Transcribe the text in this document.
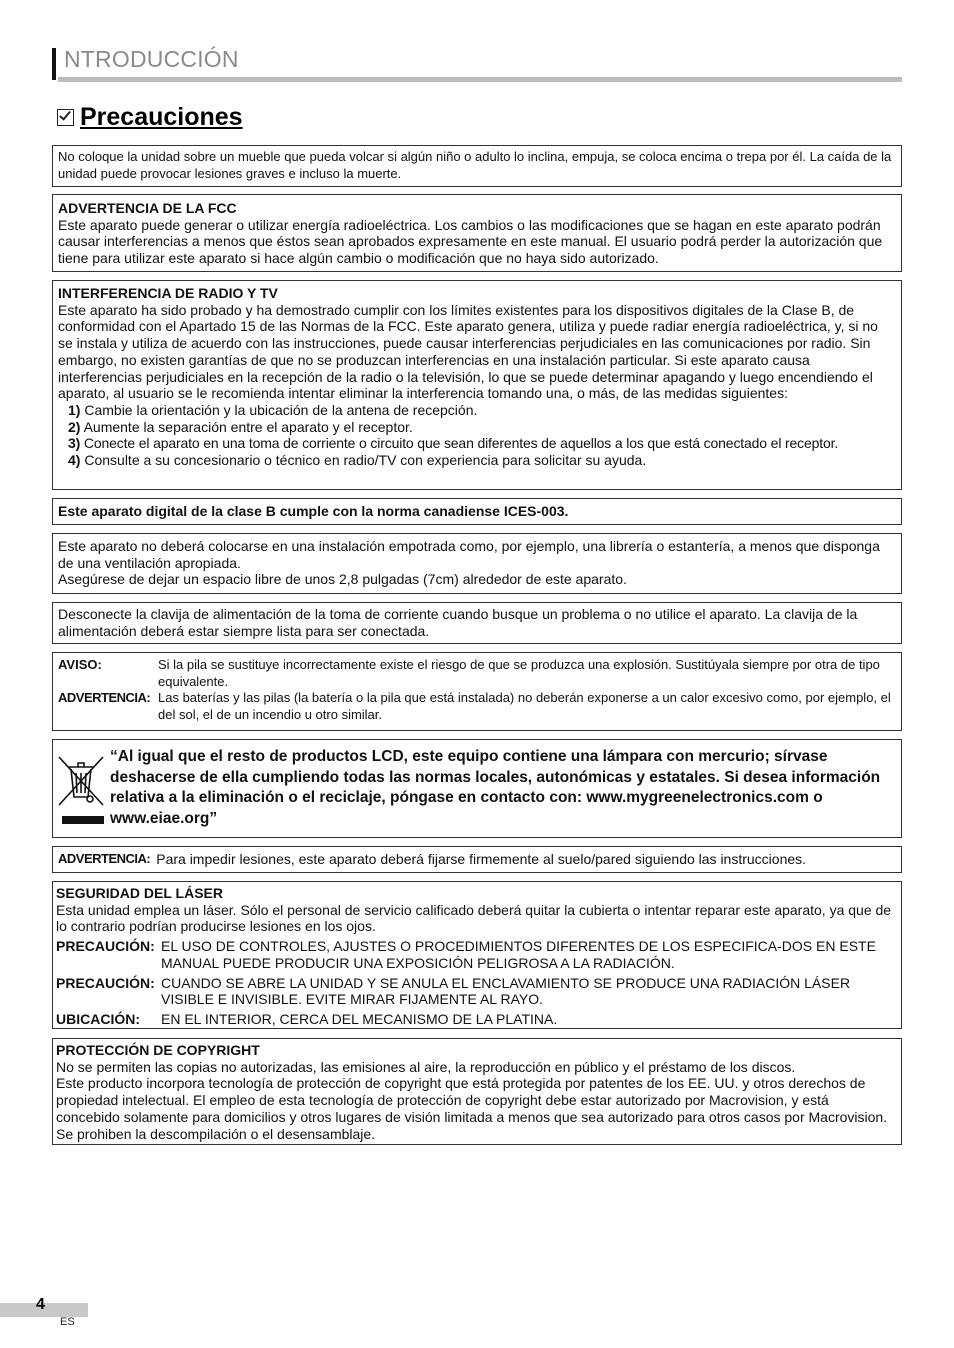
NTRODUCCIÓN
Precauciones

No coloque la unidad sobre un mueble que pueda volcar si algún niño o adulto lo inclina, empuja, se coloca encima o trepa por él. La caída de la unidad puede provocar lesiones graves e incluso la muerte.

ADVERTENCIA DE LA FCC

Este aparato puede generar o utilizar energía radioeléctrica. Los cambios o las modificaciones que se hagan en este aparato podrán causar interferencias a menos que éstos sean aprobados expresamente en este manual. El usuario podrá perder la autorización que tiene para utilizar este aparato si hace algún cambio o modificación que no haya sido autorizado.

INTERFERENCIA DE RADIO Y TV

Este aparato ha sido probado y ha demostrado cumplir con los límites existentes para los dispositivos digitales de la Clase B, de conformidad con el Apartado 15 de las Normas de la FCC. Este aparato genera, utiliza y puede radiar energía radioeléctrica, y, si no se instala y utiliza de acuerdo con las instrucciones, puede causar interferencias perjudiciales en las comunicaciones por radio. Sin embargo, no existen garantías de que no se produzcan interferencias en una instalación particular. Si este aparato causa interferencias perjudiciales en la recepción de la radio o la televisión, lo que se puede determinar apagando y luego encendiendo el aparato, al usuario se le recomienda intentar eliminar la interferencia tomando una, o más, de las medidas siguientes:

1) Cambie la orientación y la ubicación de la antena de recepción.
2) Aumente la separación entre el aparato y el receptor.
3) Conecte el aparato en una toma de corriente o circuito que sean diferentes de aquellos a los que está conectado el receptor.
4) Consulte a su concesionario o técnico en radio/TV con experiencia para solicitar su ayuda.

Este aparato digital de la clase B cumple con la norma canadiense ICES-003.

Este aparato no deberá colocarse en una instalación empotrada como, por ejemplo, una librería o estantería, a menos que disponga de una ventilación apropiada.

Asegúrese de dejar un espacio libre de unos 2,8 pulgadas (7cm) alrededor de este aparato.

Desconecte la clavija de alimentación de la toma de corriente cuando busque un problema o no utilice el aparato. La clavija de la alimentación deberá estar siempre lista para ser conectada.

AVISO:	Si la pila se sustituye incorrectamente existe el riesgo de que se produzca una explosión. Sustitúyala siempre por otra de tipo equivalente.
ADVERTENCIA: Las baterías y las pilas (la batería o la pila que está instalada) no deberán exponerse a un calor excesivo como, por ejemplo, el del sol, el de un incendio u otro similar.

“Al igual que el resto de productos LCD, este equipo contiene una lámpara con mercurio; sírvase deshacerse de ella cumpliendo todas las normas locales, autonómicas y estatales. Si desea información relativa a la eliminación o el reciclaje, póngase en contacto con: www.mygreenelectronics.com o www.eiae.org”

ADVERTENCIA: Para impedir lesiones, este aparato deberá fijarse firmemente al suelo/pared siguiendo las instrucciones.
SEGURIDAD DEL LÁSER

Esta unidad emplea un láser. Sólo el personal de servicio calificado deberá quitar la cubierta o intentar reparar este aparato, ya que de lo contrario podrían producirse lesiones en los ojos.

PRECAUCIÓN: EL USO DE CONTROLES, AJUSTES O PROCEDIMIENTOS DIFERENTES DE LOS ESPECIFICA-DOS EN ESTE MANUAL PUEDE PRODUCIR UNA EXPOSICIÓN PELIGROSA A LA RADIACIÓN.
PRECAUCIÓN: CUANDO SE ABRE LA UNIDAD Y SE ANULA EL ENCLAVAMIENTO SE PRODUCE UNA RADIACIÓN LÁSER VISIBLE E INVISIBLE. EVITE MIRAR FIJAMENTE AL RAYO.
UBICACIÓN:	EN EL INTERIOR, CERCA DEL MECANISMO DE LA PLATINA.
PROTECCIÓN DE COPYRIGHT

No se permiten las copias no autorizadas, las emisiones al aire, la reproducción en público y el préstamo de los discos.

Este producto incorpora tecnología de protección de copyright que está protegida por patentes de los EE. UU. y otros derechos de propiedad intelectual. El empleo de esta tecnología de protección de copyright debe estar autorizado por Macrovision, y está concebido solamente para domicilios y otros lugares de visión limitada a menos que sea autorizado para otros casos por Macrovision. Se prohiben la descompilación o el desensamblaje.

4
ES
